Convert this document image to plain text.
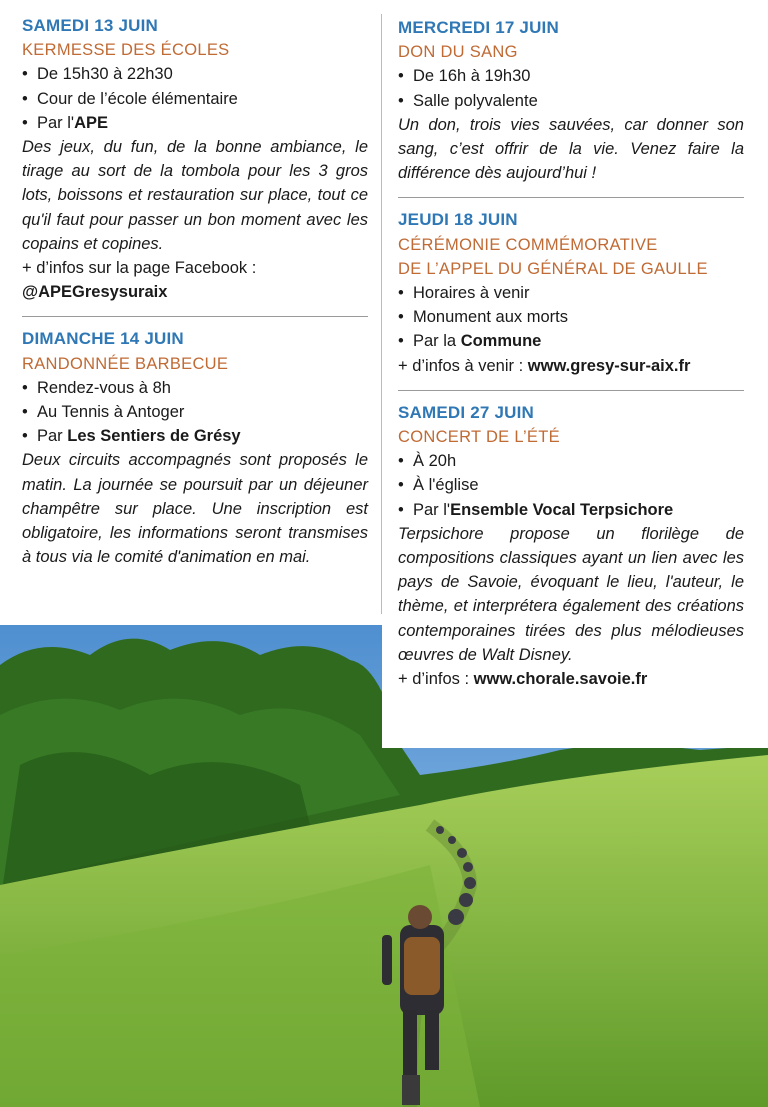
SAMEDI 13 JUIN
KERMESSE DES ÉCOLES
• De 15h30 à 22h30
• Cour de l’école élémentaire
• Par l'APE
Des jeux, du fun, de la bonne ambiance, le tirage au sort de la tombola pour les 3 gros lots, boissons et restauration sur place, tout ce qu'il faut pour passer un bon moment avec les copains et copines.
+ d’infos sur la page Facebook :
@APEGresysuraix
DIMANCHE 14 JUIN
RANDONNÉE BARBECUE
• Rendez-vous à 8h
• Au Tennis à Antoger
• Par Les Sentiers de Grésy
Deux circuits accompagnés sont proposés le matin. La journée se poursuit par un déjeuner champêtre sur place. Une inscription est obligatoire, les informations seront transmises à tous via le comité d'animation en mai.
MERCREDI 17 JUIN
DON DU SANG
• De 16h à 19h30
• Salle polyvalente
Un don, trois vies sauvées, car donner son sang, c’est offrir de la vie. Venez faire la différence dès aujourd’hui !
JEUDI 18 JUIN
CÉRÉMONIE COMMÉMORATIVE
DE L’APPEL DU GÉNÉRAL DE GAULLE
• Horaires à venir
• Monument aux morts
• Par la Commune
+ d’infos à venir : www.gresy-sur-aix.fr
SAMEDI 27 JUIN
CONCERT DE L’ÉTÉ
• À 20h
• À l'église
• Par l'Ensemble Vocal Terpsichore
Terpsichore propose un florilège de compositions classiques ayant un lien avec les pays de Savoie, évoquant le lieu, l'auteur, le thème, et interprétera également des créations contemporaines tirées des plus mélodieuses œuvres de Walt Disney.
+ d’infos : www.chorale.savoie.fr
